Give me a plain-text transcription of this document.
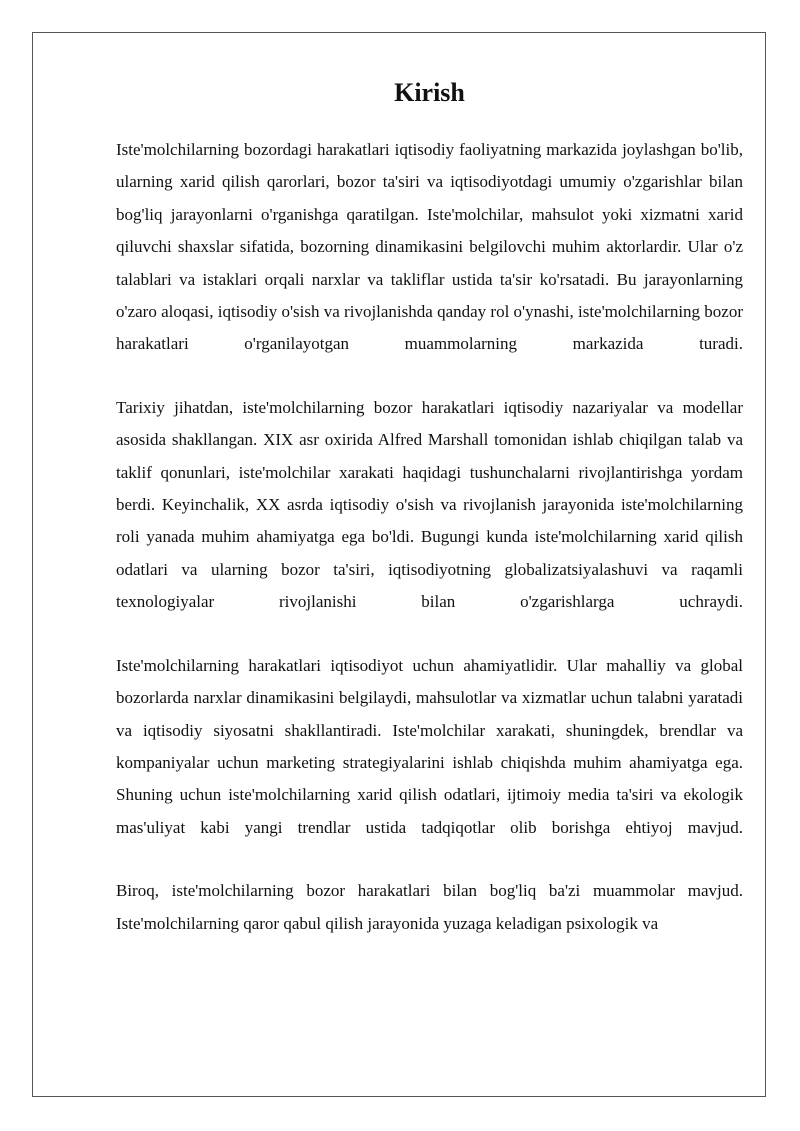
Kirish

Iste'molchilarning bozordagi harakatlari iqtisodiy faoliyatning markazida joylashgan bo'lib, ularning xarid qilish qarorlari, bozor ta'siri va iqtisodiyotdagi umumiy o'zgarishlar bilan bog'liq jarayonlarni o'rganishga qaratilgan. Iste'molchilar, mahsulot yoki xizmatni xarid qiluvchi shaxslar sifatida, bozorning dinamikasini belgilovchi muhim aktorlardir. Ular o'z talablari va istaklari orqali narxlar va takliflar ustida ta'sir ko'rsatadi. Bu jarayonlarning o'zaro aloqasi, iqtisodiy o'sish va rivojlanishda qanday rol o'ynashi, iste'molchilarning bozor harakatlari o'rganilayotgan muammolarning markazida turadi.

Tarixiy jihatdan, iste'molchilarning bozor harakatlari iqtisodiy nazariyalar va modellar asosida shakllangan. XIX asr oxirida Alfred Marshall tomonidan ishlab chiqilgan talab va taklif qonunlari, iste'molchilar xarakati haqidagi tushunchalarni rivojlantirishga yordam berdi. Keyinchalik, XX asrda iqtisodiy o'sish va rivojlanish jarayonida iste'molchilarning roli yanada muhim ahamiyatga ega bo'ldi. Bugungi kunda iste'molchilarning xarid qilish odatlari va ularning bozor ta'siri, iqtisodiyotning globalizatsiyalashuvi va raqamli texnologiyalar rivojlanishi bilan o'zgarishlarga uchraydi.

Iste'molchilarning harakatlari iqtisodiyot uchun ahamiyatlidir. Ular mahalliy va global bozorlarda narxlar dinamikasini belgilaydi, mahsulotlar va xizmatlar uchun talabni yaratadi va iqtisodiy siyosatni shakllantiradi. Iste'molchilar xarakati, shuningdek, brendlar va kompaniyalar uchun marketing strategiyalarini ishlab chiqishda muhim ahamiyatga ega. Shuning uchun iste'molchilarning xarid qilish odatlari, ijtimoiy media ta'siri va ekologik mas'uliyat kabi yangi trendlar ustida tadqiqotlar olib borishga ehtiyoj mavjud.

Biroq, iste'molchilarning bozor harakatlari bilan bog'liq ba'zi muammolar mavjud. Iste'molchilarning qaror qabul qilish jarayonida yuzaga keladigan psixologik va
